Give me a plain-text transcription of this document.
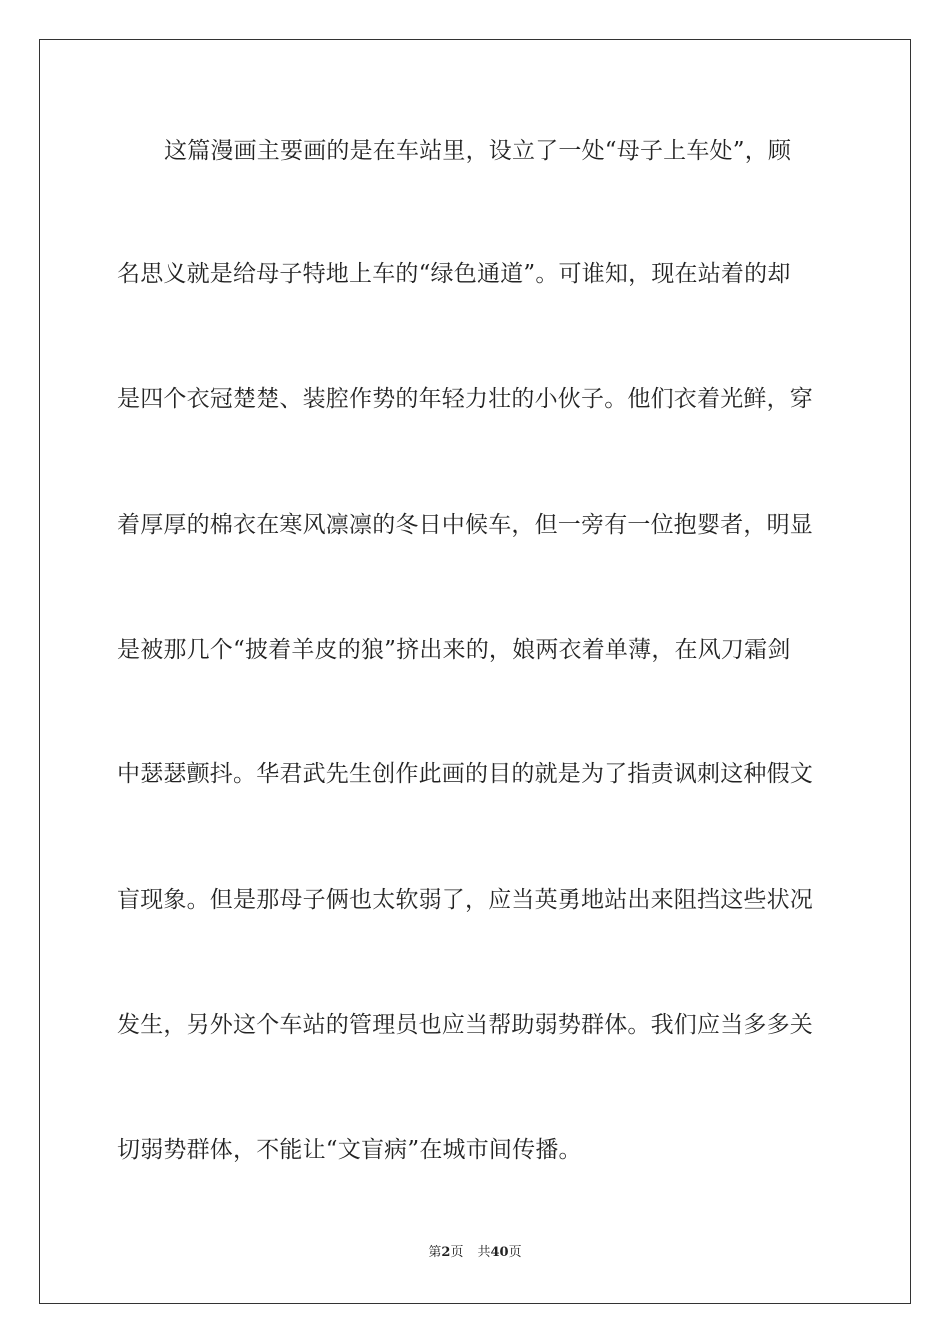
这篇漫画主要画的是在车站里，设立了一处“母子上车处”，顾
名思义就是给母子特地上车的“绿色通道”。可谁知，现在站着的却
是四个衣冠楚楚、装腔作势的年轻力壮的小伙子。他们衣着光鲜，穿
着厚厚的棉衣在寒风凛凛的冬日中候车，但一旁有一位抱婴者，明显
是被那几个“披着羊皮的狼”挤出来的，娘两衣着单薄，在风刀霜剑
中瑟瑟颤抖。华君武先生创作此画的目的就是为了指责讽刺这种假文
盲现象。但是那母子俩也太软弱了，应当英勇地站出来阻挡这些状况
发生，另外这个车站的管理员也应当帮助弱势群体。我们应当多多关
切弱势群体，不能让“文盲病”在城市间传播。
第2页 共40页
